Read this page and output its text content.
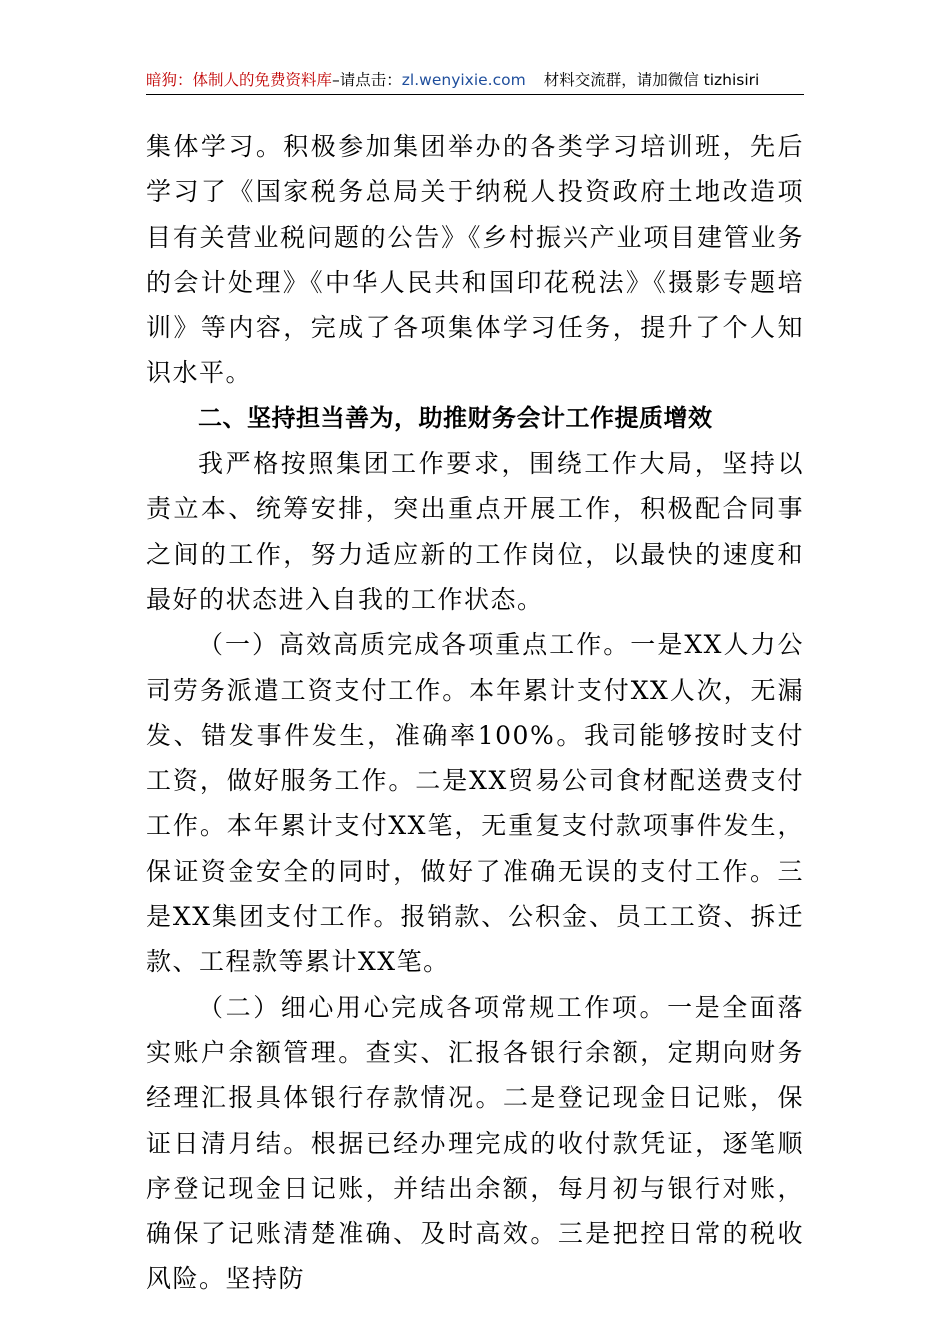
暗狗：体制人的免费资料库–请点击：zl.wenyixie.com 材料交流群，请加微信 tizhisiri

集体学习。积极参加集团举办的各类学习培训班，先后学习了《国家税务总局关于纳税人投资政府土地改造项目有关营业税问题的公告》《乡村振兴产业项目建管业务的会计处理》《中华人民共和国印花税法》《摄影专题培训》等内容，完成了各项集体学习任务，提升了个人知识水平。

二、坚持担当善为，助推财务会计工作提质增效

我严格按照集团工作要求，围绕工作大局，坚持以责立本、统筹安排，突出重点开展工作，积极配合同事之间的工作，努力适应新的工作岗位，以最快的速度和最好的状态进入自我的工作状态。

（一）高效高质完成各项重点工作。一是XX人力公司劳务派遣工资支付工作。本年累计支付XX人次，无漏发、错发事件发生，准确率100%。我司能够按时支付工资，做好服务工作。二是XX贸易公司食材配送费支付工作。本年累计支付XX笔，无重复支付款项事件发生，保证资金安全的同时，做好了准确无误的支付工作。三是XX集团支付工作。报销款、公积金、员工工资、拆迁款、工程款等累计XX笔。

（二）细心用心完成各项常规工作项。一是全面落实账户余额管理。查实、汇报各银行余额，定期向财务经理汇报具体银行存款情况。二是登记现金日记账，保证日清月结。根据已经办理完成的收付款凭证，逐笔顺序登记现金日记账，并结出余额，每月初与银行对账，确保了记账清楚准确、及时高效。三是把控日常的税收风险。坚持防
